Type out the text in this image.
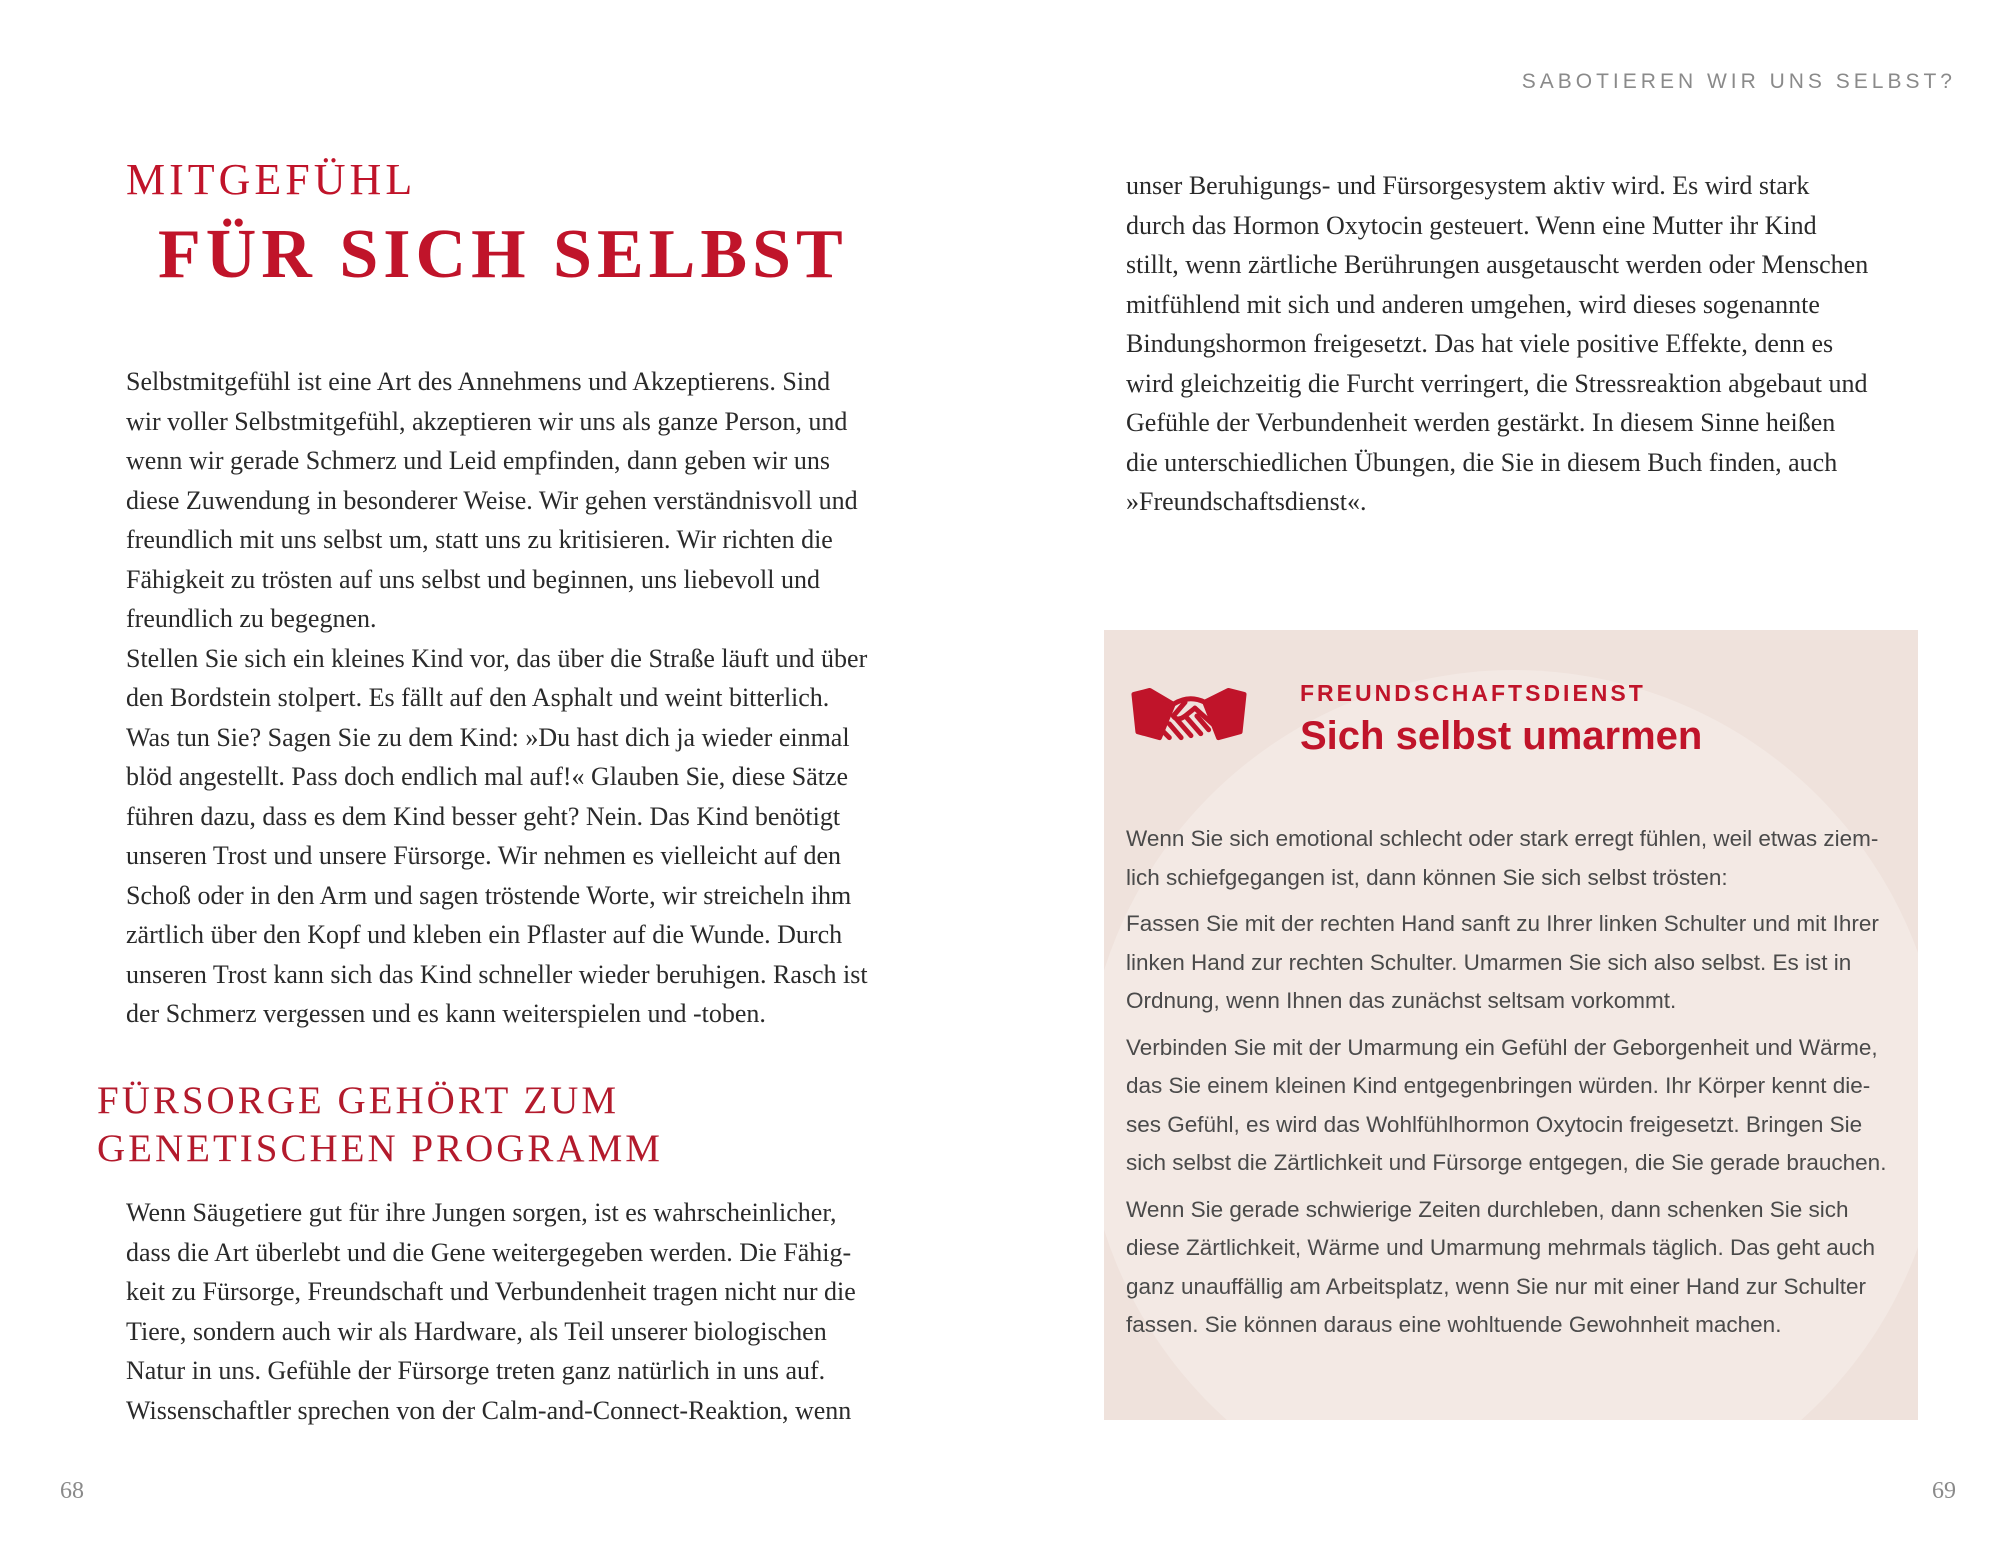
SABOTIEREN WIR UNS SELBST?
MITGEFÜHL
FÜR SICH SELBST

Selbstmitgefühl ist eine Art des Annehmens und Akzeptierens. Sind

wir voller Selbstmitgefühl, akzeptieren wir uns als ganze Person, und

wenn wir gerade Schmerz und Leid empfinden, dann geben wir uns

diese Zuwendung in besonderer Weise. Wir gehen verständnisvoll und

freundlich mit uns selbst um, statt uns zu kritisieren. Wir richten die

Fähigkeit zu trösten auf uns selbst und beginnen, uns liebevoll und

freundlich zu begegnen.

Stellen Sie sich ein kleines Kind vor, das über die Straße läuft und über

den Bordstein stolpert. Es fällt auf den Asphalt und weint bitterlich.

Was tun Sie? Sagen Sie zu dem Kind: »Du hast dich ja wieder einmal

blöd angestellt. Pass doch endlich mal auf!« Glauben Sie, diese Sätze

führen dazu, dass es dem Kind besser geht? Nein. Das Kind benötigt

unseren Trost und unsere Fürsorge. Wir nehmen es vielleicht auf den

Schoß oder in den Arm und sagen tröstende Worte, wir streicheln ihm

zärtlich über den Kopf und kleben ein Pflaster auf die Wunde. Durch

unseren Trost kann sich das Kind schneller wieder beruhigen. Rasch ist

der Schmerz vergessen und es kann weiterspielen und -toben.

FÜRSORGE GEHÖRT ZUM
GENETISCHEN PROGRAMM

Wenn Säugetiere gut für ihre Jungen sorgen, ist es wahrscheinlicher,

dass die Art überlebt und die Gene weitergegeben werden. Die Fähig-

keit zu Fürsorge, Freundschaft und Verbundenheit tragen nicht nur die

Tiere, sondern auch wir als Hardware, als Teil unserer biologischen

Natur in uns. Gefühle der Fürsorge treten ganz natürlich in uns auf.

Wissenschaftler sprechen von der Calm-and-Connect-Reaktion, wenn

unser Beruhigungs- und Fürsorgesystem aktiv wird. Es wird stark

durch das Hormon Oxytocin gesteuert. Wenn eine Mutter ihr Kind

stillt, wenn zärtliche Berührungen ausgetauscht werden oder Menschen

mitfühlend mit sich und anderen umgehen, wird dieses sogenannte

Bindungshormon freigesetzt. Das hat viele positive Effekte, denn es

wird gleichzeitig die Furcht verringert, die Stressreaktion abgebaut und

Gefühle der Verbundenheit werden gestärkt. In diesem Sinne heißen

die unterschiedlichen Übungen, die Sie in diesem Buch finden, auch

»Freundschaftsdienst«.

FREUNDSCHAFTSDIENST
Sich selbst umarmen

Wenn Sie sich emotional schlecht oder stark erregt fühlen, weil etwas ziem-
lich schiefgegangen ist, dann können Sie sich selbst trösten:

Fassen Sie mit der rechten Hand sanft zu Ihrer linken Schulter und mit Ihrer
linken Hand zur rechten Schulter. Umarmen Sie sich also selbst. Es ist in
Ordnung, wenn Ihnen das zunächst seltsam vorkommt.

Verbinden Sie mit der Umarmung ein Gefühl der Geborgenheit und Wärme,
das Sie einem kleinen Kind entgegenbringen würden. Ihr Körper kennt die-
ses Gefühl, es wird das Wohlfühlhormon Oxytocin freigesetzt. Bringen Sie
sich selbst die Zärtlichkeit und Fürsorge entgegen, die Sie gerade brauchen.

Wenn Sie gerade schwierige Zeiten durchleben, dann schenken Sie sich
diese Zärtlichkeit, Wärme und Umarmung mehrmals täglich. Das geht auch
ganz unauffällig am Arbeitsplatz, wenn Sie nur mit einer Hand zur Schulter
fassen. Sie können daraus eine wohltuende Gewohnheit machen.

68	69
